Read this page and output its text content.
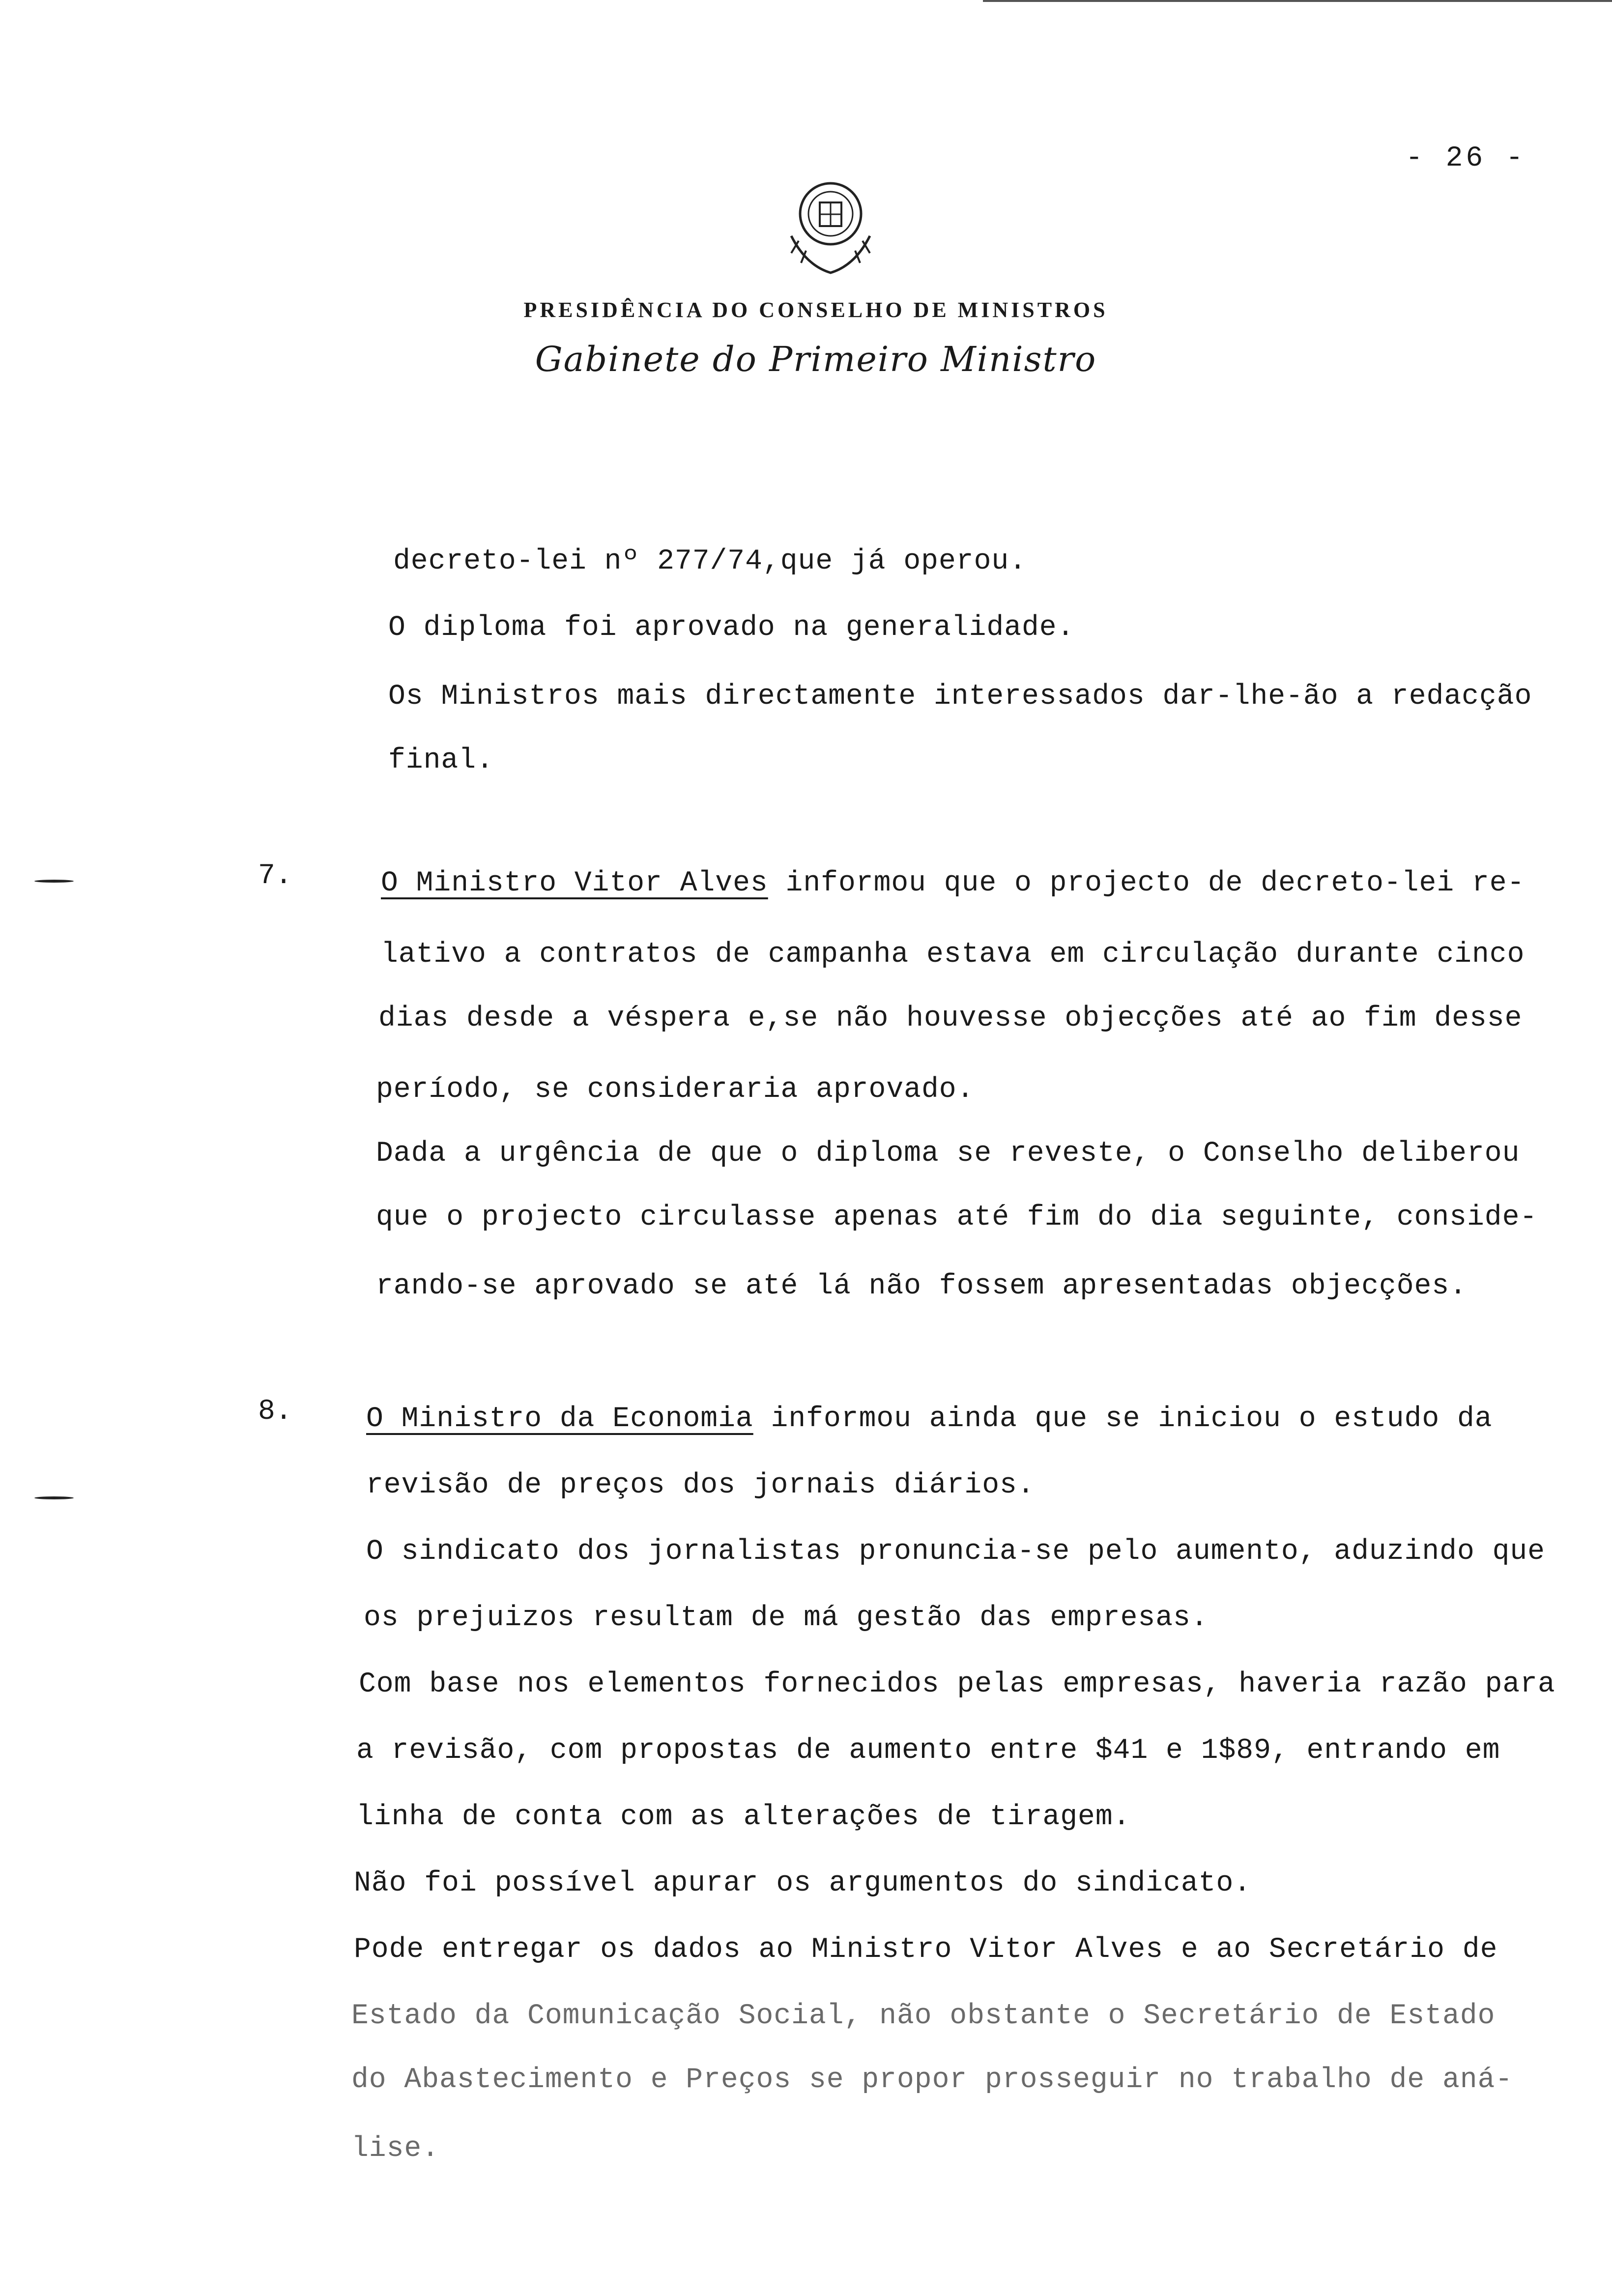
- 26 -
PRESIDÊNCIA DO CONSELHO DE MINISTROS
Gabinete do Primeiro Ministro
decreto-lei nº 277/74,que já operou.
O diploma foi aprovado na generalidade.
Os Ministros mais directamente interessados dar-lhe-ão a redacção
final.
7.	O Ministro Vitor Alves informou que o projecto de decreto-lei re-
lativo a contratos de campanha estava em circulação durante cinco
dias desde a véspera e,se não houvesse objecções até ao fim desse
período, se consideraria aprovado.
Dada a urgência de que o diploma se reveste, o Conselho deliberou
que o projecto circulasse apenas até fim do dia seguinte, conside-
rando-se aprovado se até lá não fossem apresentadas objecções.
8.	O Ministro da Economia informou ainda que se iniciou o estudo da
revisão de preços dos jornais diários.
O sindicato dos jornalistas pronuncia-se pelo aumento, aduzindo que
os prejuizos resultam de má gestão das empresas.
Com base nos elementos fornecidos pelas empresas, haveria razão para
a revisão, com propostas de aumento entre $41 e 1$89, entrando em
linha de conta com as alterações de tiragem.
Não foi possível apurar os argumentos do sindicato.
Pode entregar os dados ao Ministro Vitor Alves e ao Secretário de
Estado da Comunicação Social, não obstante o Secretário de Estado
do Abastecimento e Preços se propor prosseguir no trabalho de aná-
lise.
